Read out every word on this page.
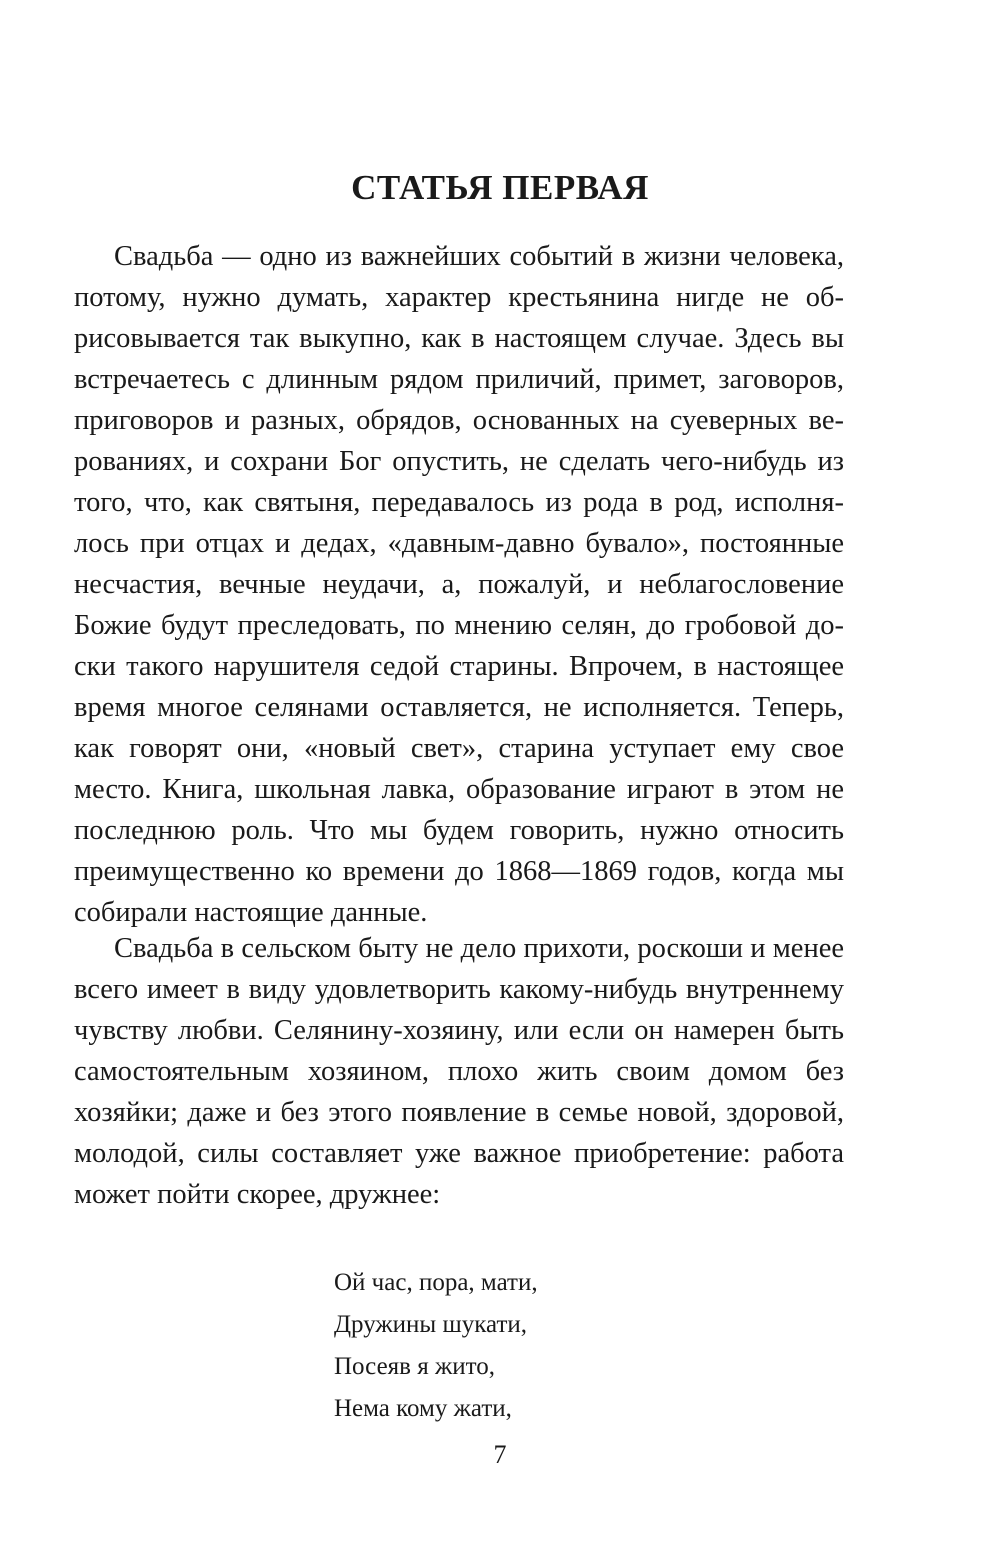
СТАТЬЯ ПЕРВАЯ

Свадьба — одно из важнейших событий в жизни человека, потому, нужно думать, характер крестьянина нигде не обрисовывается так выкупно, как в настоящем случае. Здесь вы встречаетесь с длинным рядом приличий, примет, заговоров, приговоров и разных, обрядов, основанных на суеверных верованиях, и сохрани Бог опустить, не сделать чего-нибудь из того, что, как святыня, передавалось из рода в род, исполнялось при отцах и дедах, «давным-давно бувало», постоянные несчастия, вечные неудачи, а, пожалуй, и неблагословение Божие будут преследовать, по мнению селян, до гробовой доски такого нарушителя седой старины. Впрочем, в настоящее время многое селянами оставляется, не исполняется. Теперь, как говорят они, «новый свет», старина уступает ему свое место. Книга, школьная лавка, образование играют в этом не последнюю роль. Что мы будем говорить, нужно относить преимущественно ко времени до 1868—1869 годов, когда мы собирали настоящие данные.

Свадьба в сельском быту не дело прихоти, роскоши и менее всего имеет в виду удовлетворить какому-нибудь внутреннему чувству любви. Селянину-хозяину, или если он намерен быть самостоятельным хозяином, плохо жить своим домом без хозяйки; даже и без этого появление в семье новой, здоровой, молодой, силы составляет уже важное приобретение: работа может пойти скорее, дружнее:

Ой час, пора, мати,
Дружины шукати,
Посеяв я жито,
Нема кому жати,
7
